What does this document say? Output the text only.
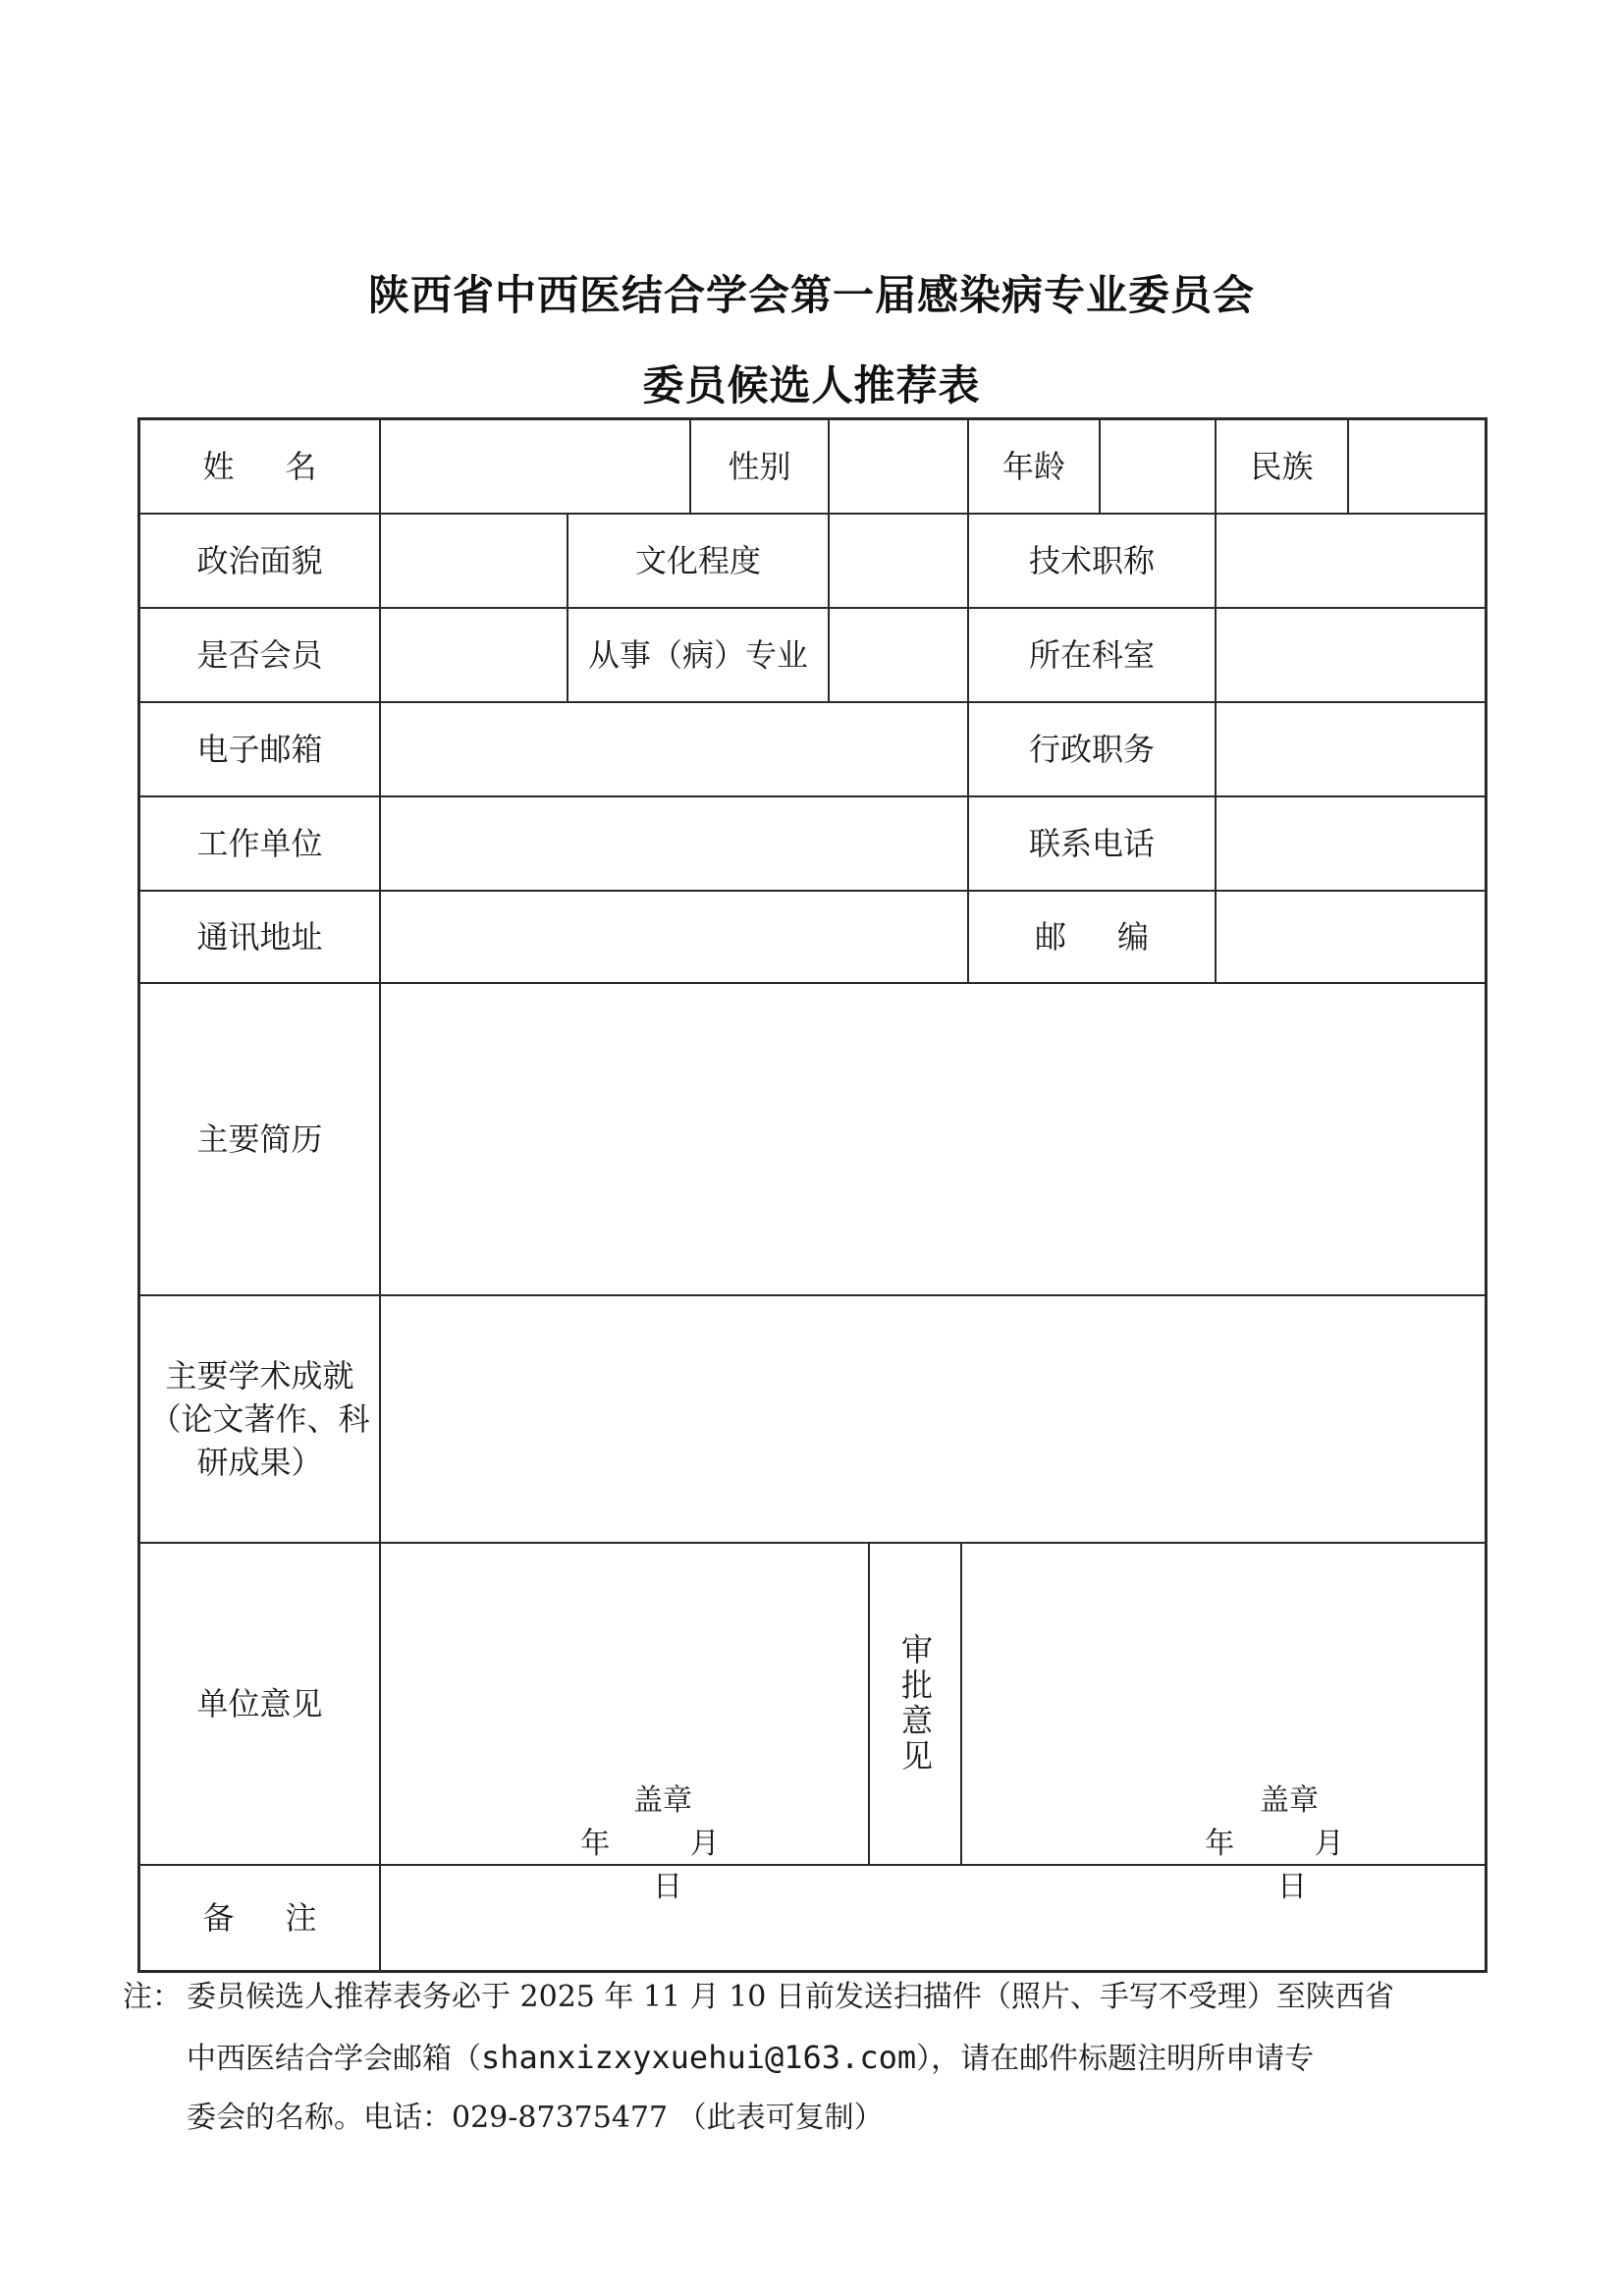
陕西省中西医结合学会第一届感染病专业委员会
委员候选人推荐表
姓名	性别	年龄	民族
政治面貌	文化程度	技术职称
是否会员	从事（病）专业	所在科室
电子邮箱	行政职务
工作单位	联系电话
通讯地址	邮编
主要简历
主要学术成就
（论文著作、科
研成果）
单位意见
盖章
年 月 日
审批意见
盖章
年 月 日
备注
注： 委员候选人推荐表务必于 2025 年 11 月 10 日前发送扫描件（照片、手写不受理）至陕西省
中西医结合学会邮箱（shanxizxyxuehui@163.com），请在邮件标题注明所申请专
委会的名称。电话：029-87375477 （此表可复制）
